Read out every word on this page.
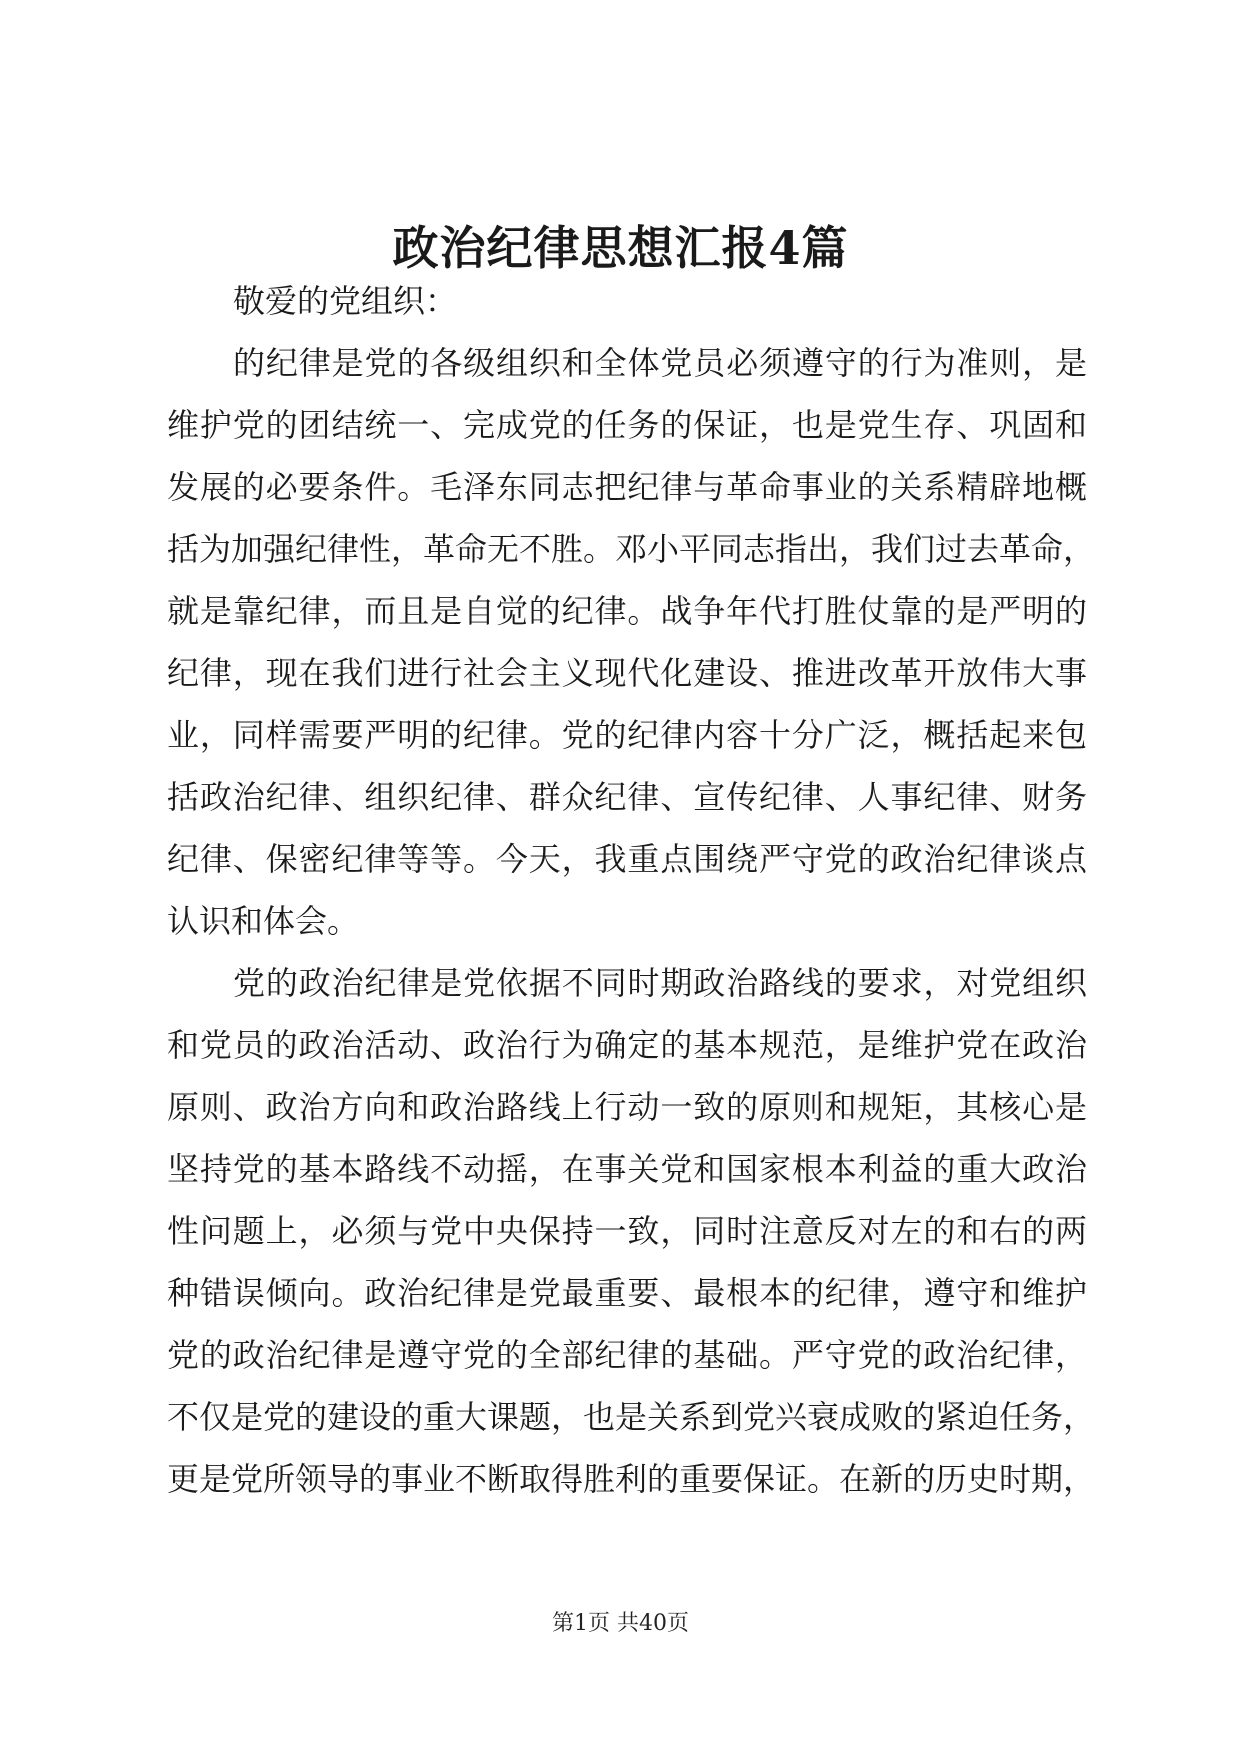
政治纪律思想汇报4篇
敬爱的党组织：
的纪律是党的各级组织和全体党员必须遵守的行为准则，是
维护党的团结统一、完成党的任务的保证，也是党生存、巩固和
发展的必要条件。毛泽东同志把纪律与革命事业的关系精辟地概
括为加强纪律性，革命无不胜。邓小平同志指出，我们过去革命，
就是靠纪律，而且是自觉的纪律。战争年代打胜仗靠的是严明的
纪律，现在我们进行社会主义现代化建设、推进改革开放伟大事
业，同样需要严明的纪律。党的纪律内容十分广泛，概括起来包
括政治纪律、组织纪律、群众纪律、宣传纪律、人事纪律、财务
纪律、保密纪律等等。今天，我重点围绕严守党的政治纪律谈点
认识和体会。
党的政治纪律是党依据不同时期政治路线的要求，对党组织
和党员的政治活动、政治行为确定的基本规范，是维护党在政治
原则、政治方向和政治路线上行动一致的原则和规矩，其核心是
坚持党的基本路线不动摇，在事关党和国家根本利益的重大政治
性问题上，必须与党中央保持一致，同时注意反对左的和右的两
种错误倾向。政治纪律是党最重要、最根本的纪律，遵守和维护
党的政治纪律是遵守党的全部纪律的基础。严守党的政治纪律，
不仅是党的建设的重大课题，也是关系到党兴衰成败的紧迫任务，
更是党所领导的事业不断取得胜利的重要保证。在新的历史时期，
第1页 共40页
